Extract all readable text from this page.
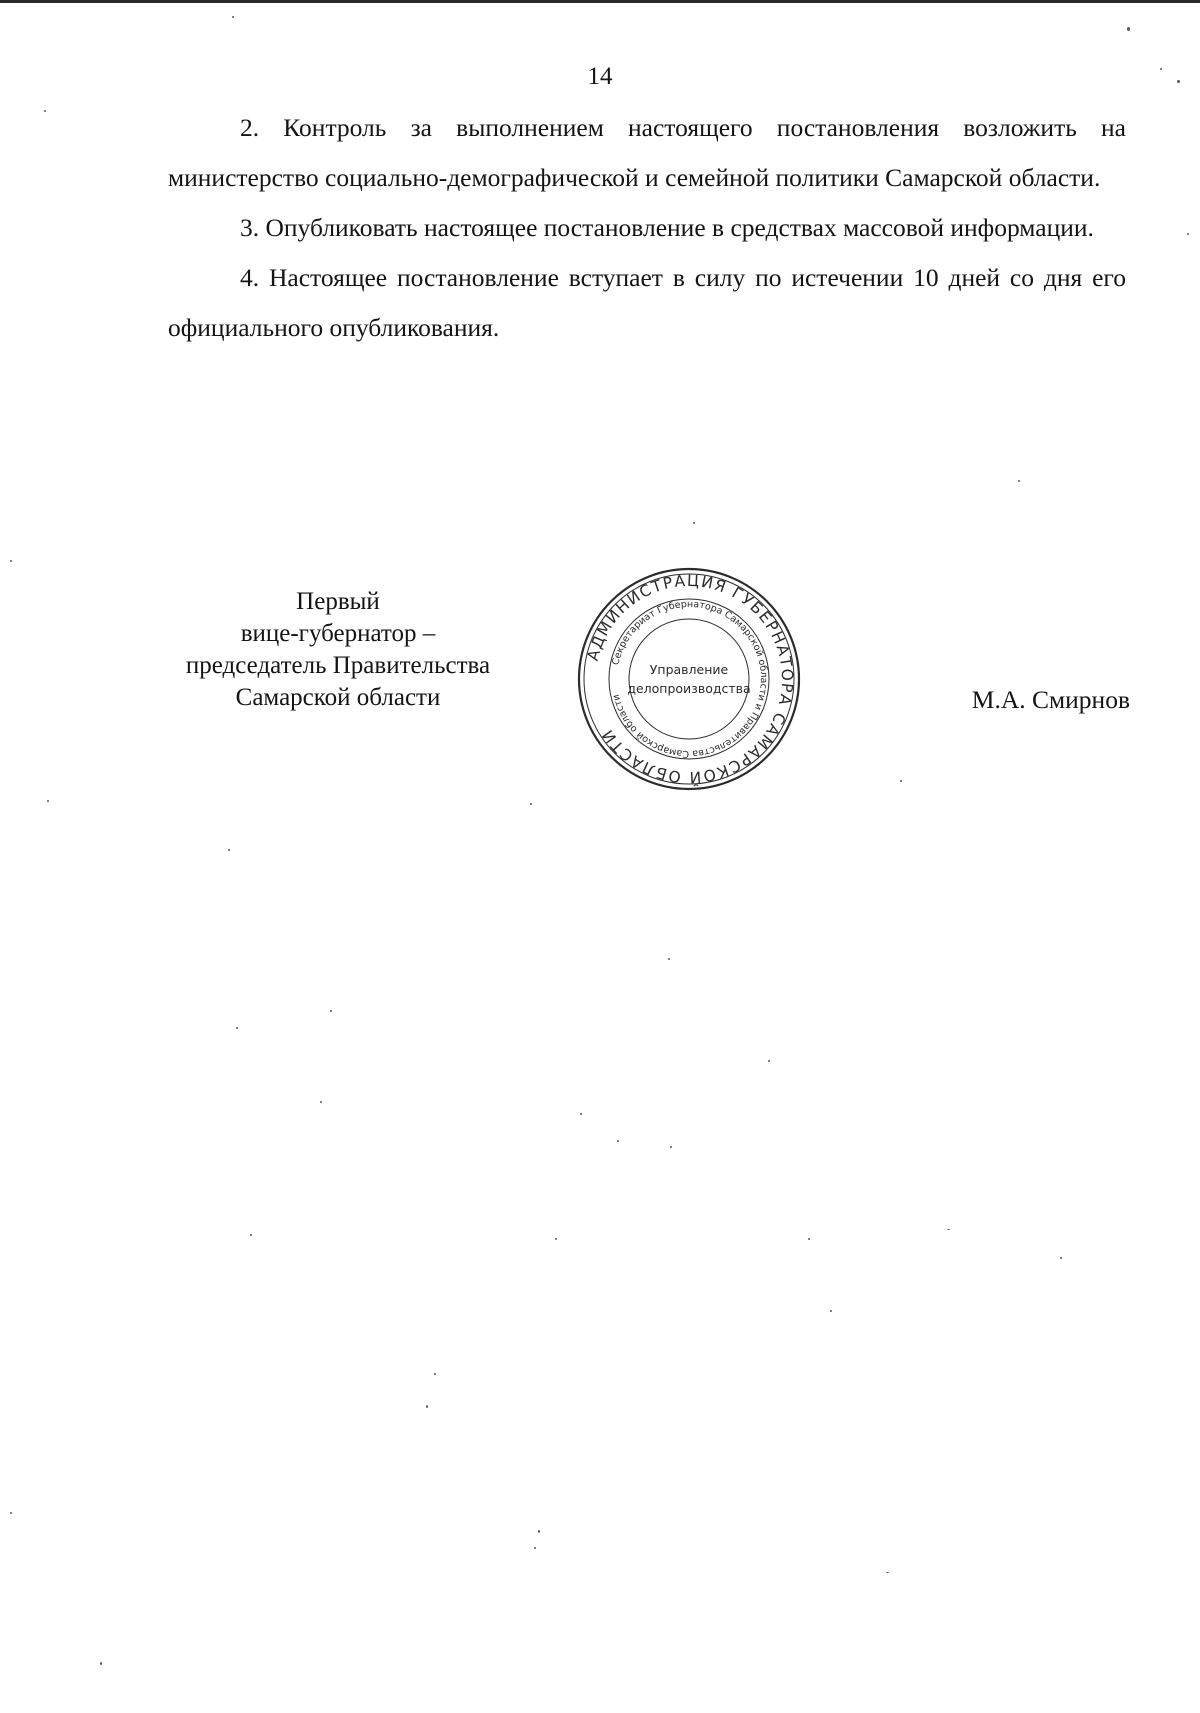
14

2. Контроль за выполнением настоящего постановления возложить на министерство социально-демографической и семейной политики Самарской области.

3. Опубликовать настоящее постановление в средствах массовой информации.

4. Настоящее постановление вступает в силу по истечении 10 дней со дня его официального опубликования.

Первый
вице-губернатор –
председатель Правительства
Самарской области
АДМИНИСТРАЦИЯ ГУБЕРНАТОРА САМАРСКОЙ ОБЛАСТИ
Секретариат Губернатора Самарской области и Правительства Самарской области
Управление
делопроизводства	М.А. Смирнов
